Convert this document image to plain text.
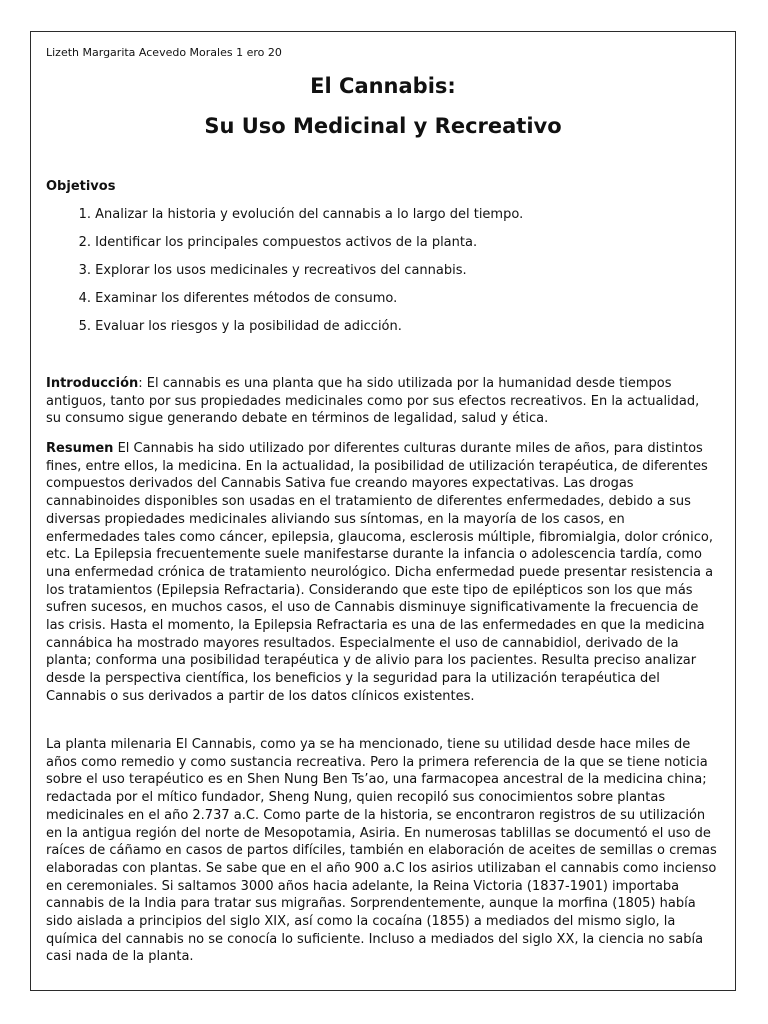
Lizeth Margarita Acevedo Morales 1 ero 20
El Cannabis:
Su Uso Medicinal y Recreativo
Objetivos
1. Analizar la historia y evolución del cannabis a lo largo del tiempo.
2. Identificar los principales compuestos activos de la planta.
3. Explorar los usos medicinales y recreativos del cannabis.
4. Examinar los diferentes métodos de consumo.
5. Evaluar los riesgos y la posibilidad de adicción.

Introducción: El cannabis es una planta que ha sido utilizada por la humanidad desde tiempos antiguos, tanto por sus propiedades medicinales como por sus efectos recreativos. En la actualidad, su consumo sigue generando debate en términos de legalidad, salud y ética.

Resumen El Cannabis ha sido utilizado por diferentes culturas durante miles de años, para distintos fines, entre ellos, la medicina. En la actualidad, la posibilidad de utilización terapéutica, de diferentes compuestos derivados del Cannabis Sativa fue creando mayores expectativas. Las drogas cannabinoides disponibles son usadas en el tratamiento de diferentes enfermedades, debido a sus diversas propiedades medicinales aliviando sus síntomas, en la mayoría de los casos, en enfermedades tales como cáncer, epilepsia, glaucoma, esclerosis múltiple, fibromialgia, dolor crónico, etc. La Epilepsia frecuentemente suele manifestarse durante la infancia o adolescencia tardía, como una enfermedad crónica de tratamiento neurológico. Dicha enfermedad puede presentar resistencia a los tratamientos (Epilepsia Refractaria). Considerando que este tipo de epilépticos son los que más sufren sucesos, en muchos casos, el uso de Cannabis disminuye significativamente la frecuencia de las crisis. Hasta el momento, la Epilepsia Refractaria es una de las enfermedades en que la medicina cannábica ha mostrado mayores resultados. Especialmente el uso de cannabidiol, derivado de la planta; conforma una posibilidad terapéutica y de alivio para los pacientes. Resulta preciso analizar desde la perspectiva científica, los beneficios y la seguridad para la utilización terapéutica del Cannabis o sus derivados a partir de los datos clínicos existentes.

La planta milenaria El Cannabis, como ya se ha mencionado, tiene su utilidad desde hace miles de años como remedio y como sustancia recreativa. Pero la primera referencia de la que se tiene noticia sobre el uso terapéutico es en Shen Nung Ben Ts’ao, una farmacopea ancestral de la medicina china; redactada por el mítico fundador, Sheng Nung, quien recopiló sus conocimientos sobre plantas medicinales en el año 2.737 a.C. Como parte de la historia, se encontraron registros de su utilización en la antigua región del norte de Mesopotamia, Asiria. En numerosas tablillas se documentó el uso de raíces de cáñamo en casos de partos difíciles, también en elaboración de aceites de semillas o cremas elaboradas con plantas. Se sabe que en el año 900 a.C los asirios utilizaban el cannabis como incienso en ceremoniales. Si saltamos 3000 años hacia adelante, la Reina Victoria (1837-1901) importaba cannabis de la India para tratar sus migrañas. Sorprendentemente, aunque la morfina (1805) había sido aislada a principios del siglo XIX, así como la cocaína (1855) a mediados del mismo siglo, la química del cannabis no se conocía lo suficiente. Incluso a mediados del siglo XX, la ciencia no sabía casi nada de la planta.
